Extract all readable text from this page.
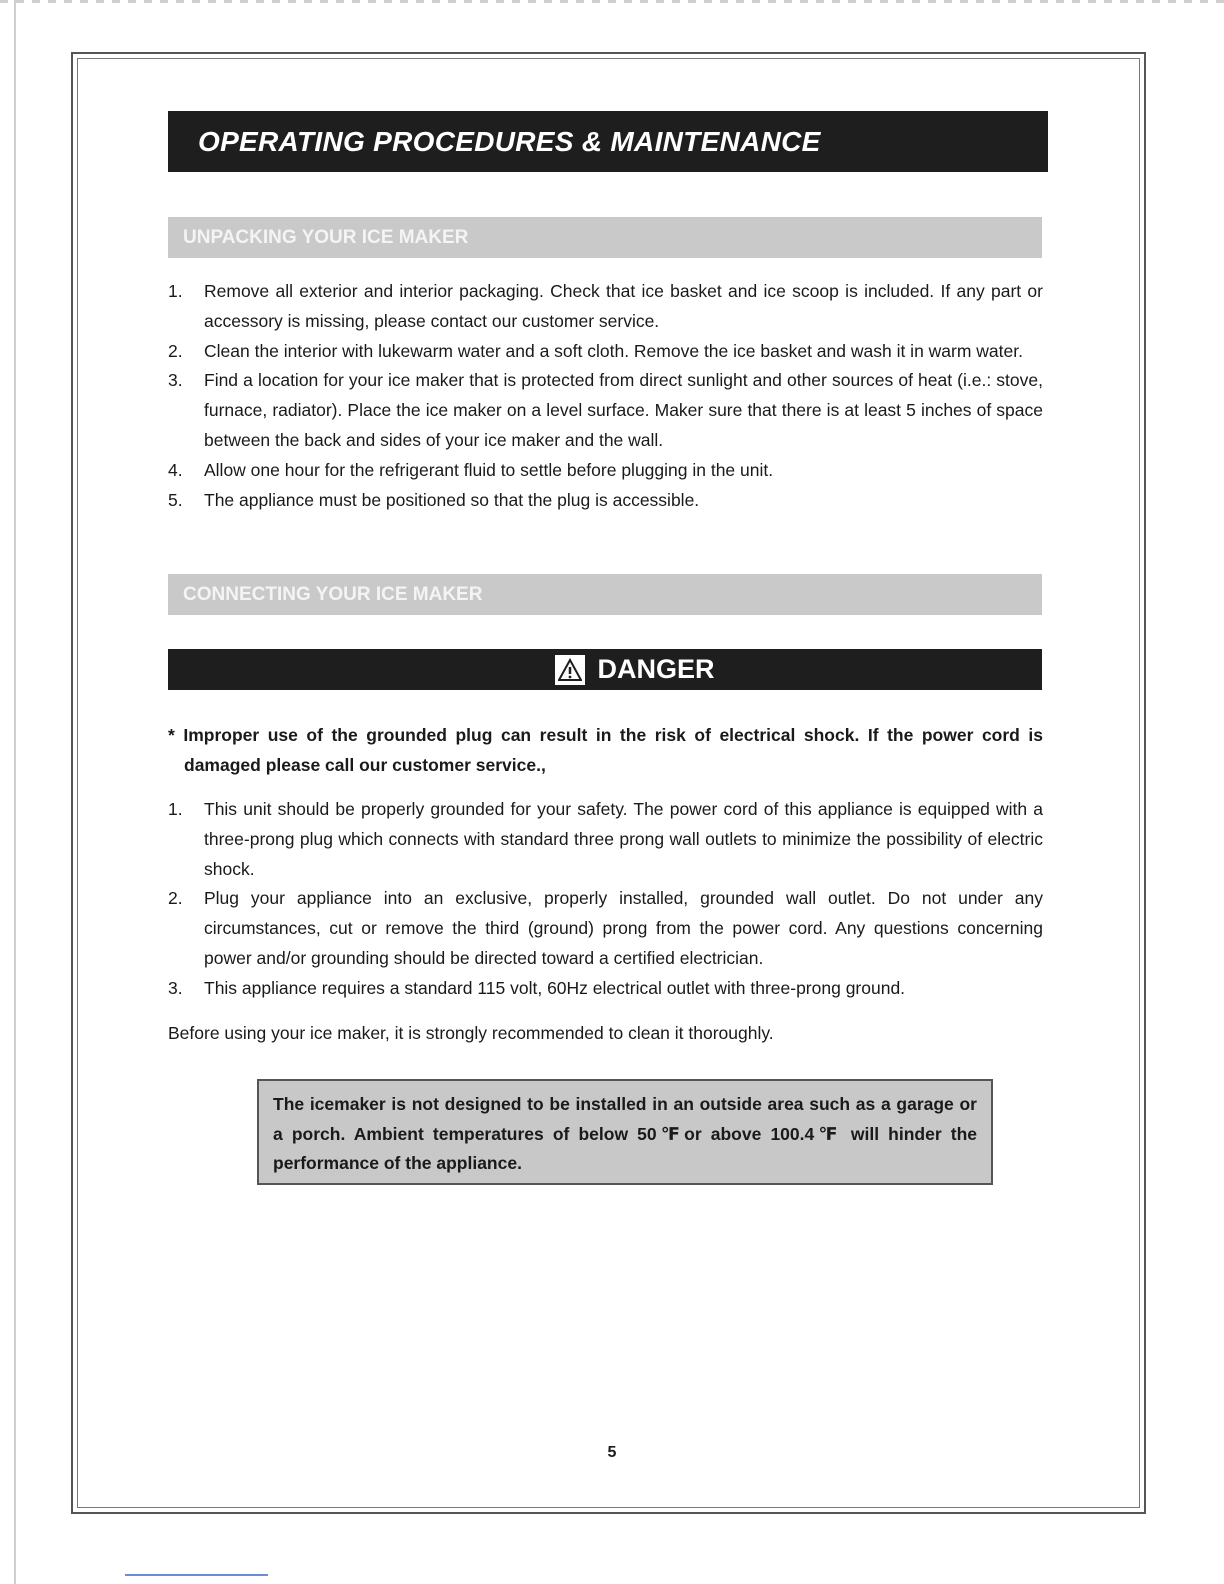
OPERATING PROCEDURES & MAINTENANCE
UNPACKING YOUR ICE MAKER
1. Remove all exterior and interior packaging. Check that ice basket and ice scoop is included. If any part or accessory is missing, please contact our customer service.
2. Clean the interior with lukewarm water and a soft cloth. Remove the ice basket and wash it in warm water.
3. Find a location for your ice maker that is protected from direct sunlight and other sources of heat (i.e.: stove, furnace, radiator). Place the ice maker on a level surface. Maker sure that there is at least 5 inches of space between the back and sides of your ice maker and the wall.
4. Allow one hour for the refrigerant fluid to settle before plugging in the unit.
5. The appliance must be positioned so that the plug is accessible.
CONNECTING YOUR ICE MAKER
DANGER
* Improper use of the grounded plug can result in the risk of electrical shock. If the power cord is damaged please call our customer service.,
1. This unit should be properly grounded for your safety. The power cord of this appliance is equipped with a three-prong plug which connects with standard three prong wall outlets to minimize the possibility of electric shock.
2. Plug your appliance into an exclusive, properly installed, grounded wall outlet. Do not under any circumstances, cut or remove the third (ground) prong from the power cord. Any questions concerning power and/or grounding should be directed toward a certified electrician.
3. This appliance requires a standard 115 volt, 60Hz electrical outlet with three-prong ground.
Before using your ice maker, it is strongly recommended to clean it thoroughly.

The icemaker is not designed to be installed in an outside area such as a garage or a porch. Ambient temperatures of below 50℉or above 100.4℉ will hinder the performance of the appliance.

5
